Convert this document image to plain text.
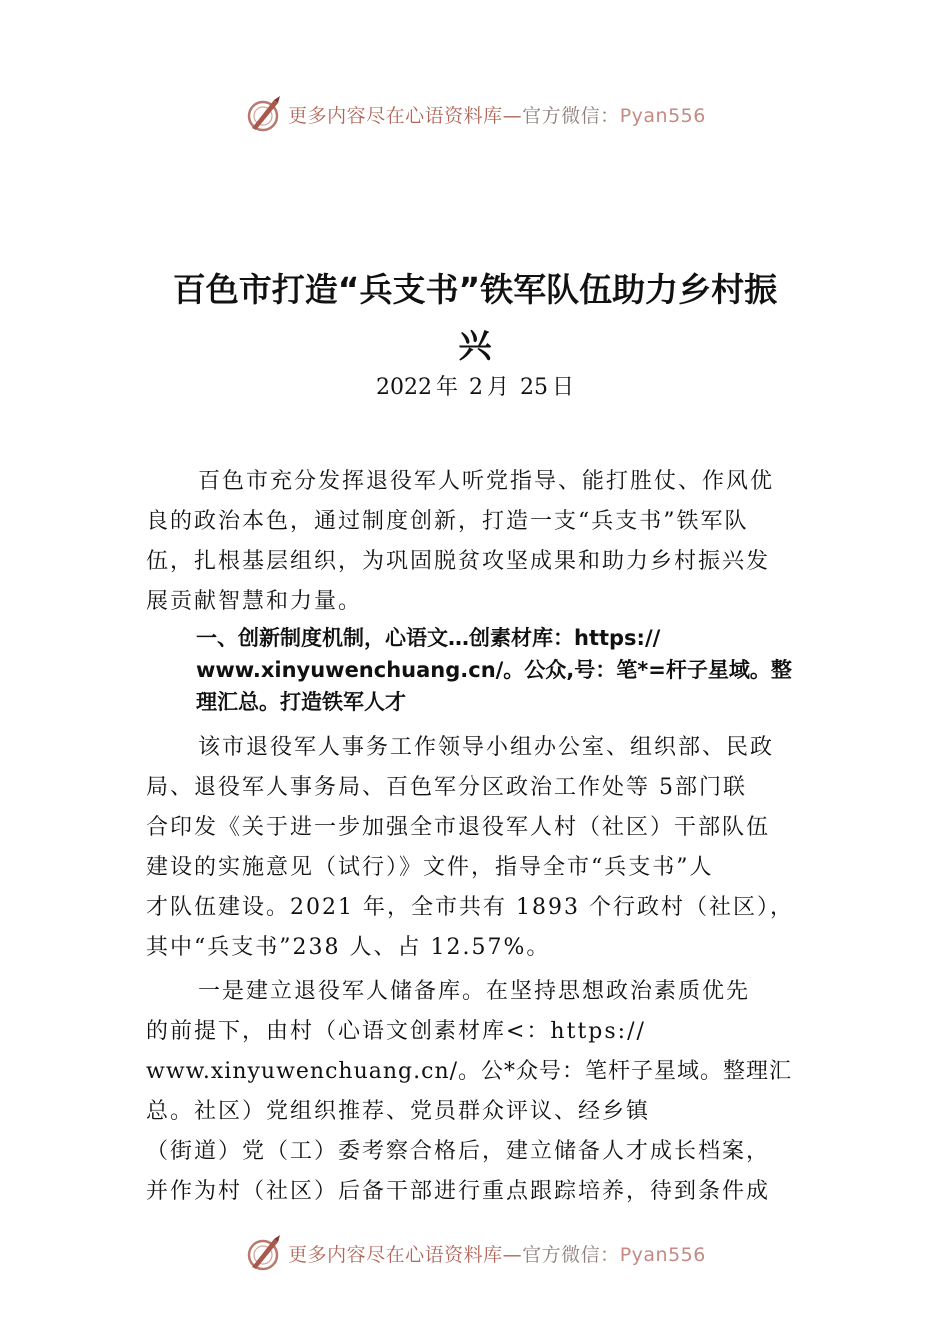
更多内容尽在心语资料库—官方微信：Pyan556
百色市打造“兵支书”铁军队伍助力乡村振
兴
2022 年 2 月 25 日
百色市充分发挥退役军人听党指导、能打胜仗、作风优
良的政治本色，通过制度创新，打造一支“兵支书”铁军队
伍，扎根基层组织，为巩固脱贫攻坚成果和助力乡村振兴发
展贡献智慧和力量。
一、创新制度机制，心语文…创素材库：https://
www.xinyuwenchuang.cn/。公众,号：笔*=杆子星域。整
理汇总。打造铁军人才
该市退役军人事务工作领导小组办公室、组织部、民政
局、退役军人事务局、百色军分区政治工作处等 5部门联
合印发《关于进一步加强全市退役军人村（社区）干部队伍
建设的实施意见（试行）》文件，指导全市“兵支书”人
才队伍建设。2021 年，全市共有 1893 个行政村（社区），
其中“兵支书”238 人、占 12.57%。
一是建立退役军人储备库。在坚持思想政治素质优先
的前提下，由村（心语文创素材库<：https://
www.xinyuwenchuang.cn/。公*众号：笔杆子星域。整理汇
总。社区）党组织推荐、党员群众评议、经乡镇
（街道）党（工）委考察合格后，建立储备人才成长档案，
并作为村（社区）后备干部进行重点跟踪培养，待到条件成
更多内容尽在心语资料库—官方微信：Pyan556
